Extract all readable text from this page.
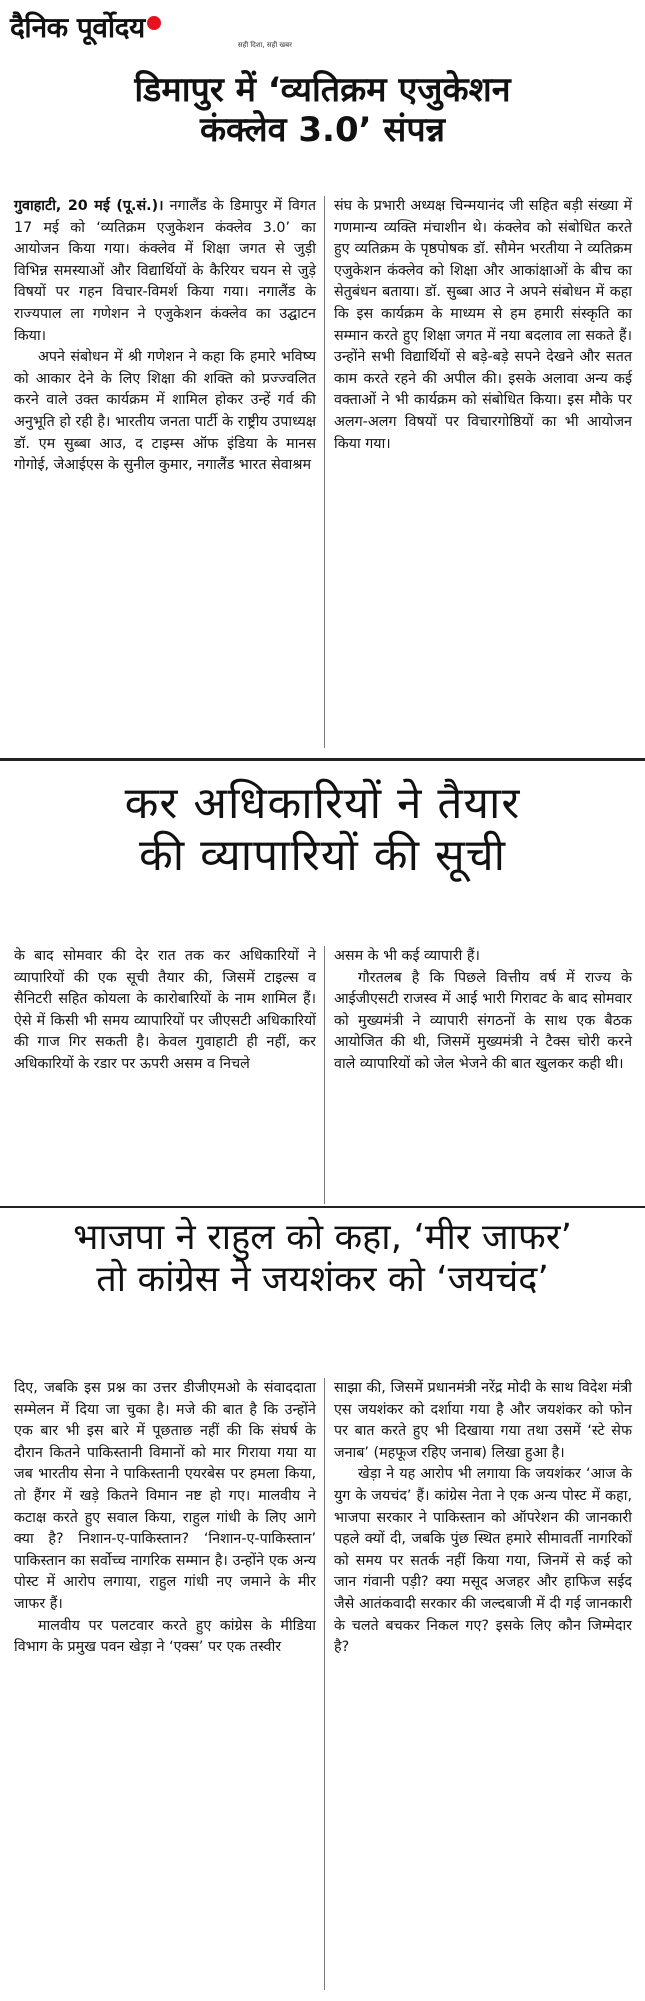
दैनिक पूर्वोदय
सही दिशा, सही खबर
डिमापुर में ‘व्यतिक्रम एजुकेशन
कंक्लेव 3.0’ संपन्न

गुवाहाटी, 20 मई (पू.सं.)। नगालैंड के डिमापुर में विगत 17 मई को ‘व्यतिक्रम एजुकेशन कंक्लेव 3.0’ का आयोजन किया गया। कंक्लेव में शिक्षा जगत से जुड़ी विभिन्न समस्याओं और विद्यार्थियों के कैरियर चयन से जुड़े विषयों पर गहन विचार-विमर्श किया गया। नगालैंड के राज्यपाल ला गणेशन ने एजुकेशन कंक्लेव का उद्घाटन किया।

अपने संबोधन में श्री गणेशन ने कहा कि हमारे भविष्य को आकार देने के लिए शिक्षा की शक्ति को प्रज्ज्वलित करने वाले उक्त कार्यक्रम में शामिल होकर उन्हें गर्व की अनुभूति हो रही है। भारतीय जनता पार्टी के राष्ट्रीय उपाध्यक्ष डॉ. एम सुब्बा आउ, द टाइम्स ऑफ इंडिया के मानस गोगोई, जेआईएस के सुनील कुमार, नगालैंड भारत सेवाश्रम

संघ के प्रभारी अध्यक्ष चिन्मयानंद जी सहित बड़ी संख्या में गणमान्य व्यक्ति मंचाशीन थे। कंक्लेव को संबोधित करते हुए व्यतिक्रम के पृष्ठपोषक डॉ. सौमेन भरतीया ने व्यतिक्रम एजुकेशन कंक्लेव को शिक्षा और आकांक्षाओं के बीच का सेतुबंधन बताया। डॉ. सुब्बा आउ ने अपने संबोधन में कहा कि इस कार्यक्रम के माध्यम से हम हमारी संस्कृति का सम्मान करते हुए शिक्षा जगत में नया बदलाव ला सकते हैं। उन्होंने सभी विद्यार्थियों से बड़े-बड़े सपने देखने और सतत काम करते रहने की अपील की। इसके अलावा अन्य कई वक्ताओं ने भी कार्यक्रम को संबोधित किया। इस मौके पर अलग-अलग विषयों पर विचारगोष्ठियों का भी आयोजन किया गया।

कर अधिकारियों ने तैयार
की व्यापारियों की सूची

के बाद सोमवार की देर रात तक कर अधिकारियों ने व्यापारियों की एक सूची तैयार की, जिसमें टाइल्स व सैनिटरी सहित कोयला के कारोबारियों के नाम शामिल हैं। ऐसे में किसी भी समय व्यापारियों पर जीएसटी अधिकारियों की गाज गिर सकती है। केवल गुवाहाटी ही नहीं, कर अधिकारियों के रडार पर ऊपरी असम व निचले

असम के भी कई व्यापारी हैं।

गौरतलब है कि पिछले वित्तीय वर्ष में राज्य के आईजीएसटी राजस्व में आई भारी गिरावट के बाद सोमवार को मुख्यमंत्री ने व्यापारी संगठनों के साथ एक बैठक आयोजित की थी, जिसमें मुख्यमंत्री ने टैक्स चोरी करने वाले व्यापारियों को जेल भेजने की बात खुलकर कही थी।

भाजपा ने राहुल को कहा, ‘मीर जाफर’
तो कांग्रेस ने जयशंकर को ‘जयचंद’

दिए, जबकि इस प्रश्न का उत्तर डीजीएमओ के संवाददाता सम्मेलन में दिया जा चुका है। मजे की बात है कि उन्होंने एक बार भी इस बारे में पूछताछ नहीं की कि संघर्ष के दौरान कितने पाकिस्तानी विमानों को मार गिराया गया या जब भारतीय सेना ने पाकिस्तानी एयरबेस पर हमला किया, तो हैंगर में खड़े कितने विमान नष्ट हो गए। मालवीय ने कटाक्ष करते हुए सवाल किया, राहुल गांधी के लिए आगे क्या है? निशान-ए-पाकिस्तान? ‘निशान-ए-पाकिस्तान’ पाकिस्तान का सर्वोच्च नागरिक सम्मान है। उन्होंने एक अन्य पोस्ट में आरोप लगाया, राहुल गांधी नए जमाने के मीर जाफर हैं।

मालवीय पर पलटवार करते हुए कांग्रेस के मीडिया विभाग के प्रमुख पवन खेड़ा ने ‘एक्स’ पर एक तस्वीर

साझा की, जिसमें प्रधानमंत्री नरेंद्र मोदी के साथ विदेश मंत्री एस जयशंकर को दर्शाया गया है और जयशंकर को फोन पर बात करते हुए भी दिखाया गया तथा उसमें ‘स्टे सेफ जनाब’ (महफूज रहिए जनाब) लिखा हुआ है।

खेड़ा ने यह आरोप भी लगाया कि जयशंकर ‘आज के युग के जयचंद’ हैं। कांग्रेस नेता ने एक अन्य पोस्ट में कहा, भाजपा सरकार ने पाकिस्तान को ऑपरेशन की जानकारी पहले क्यों दी, जबकि पुंछ स्थित हमारे सीमावर्ती नागरिकों को समय पर सतर्क नहीं किया गया, जिनमें से कई को जान गंवानी पड़ी? क्या मसूद अजहर और हाफिज सईद जैसे आतंकवादी सरकार की जल्दबाजी में दी गई जानकारी के चलते बचकर निकल गए? इसके लिए कौन जिम्मेदार है?
